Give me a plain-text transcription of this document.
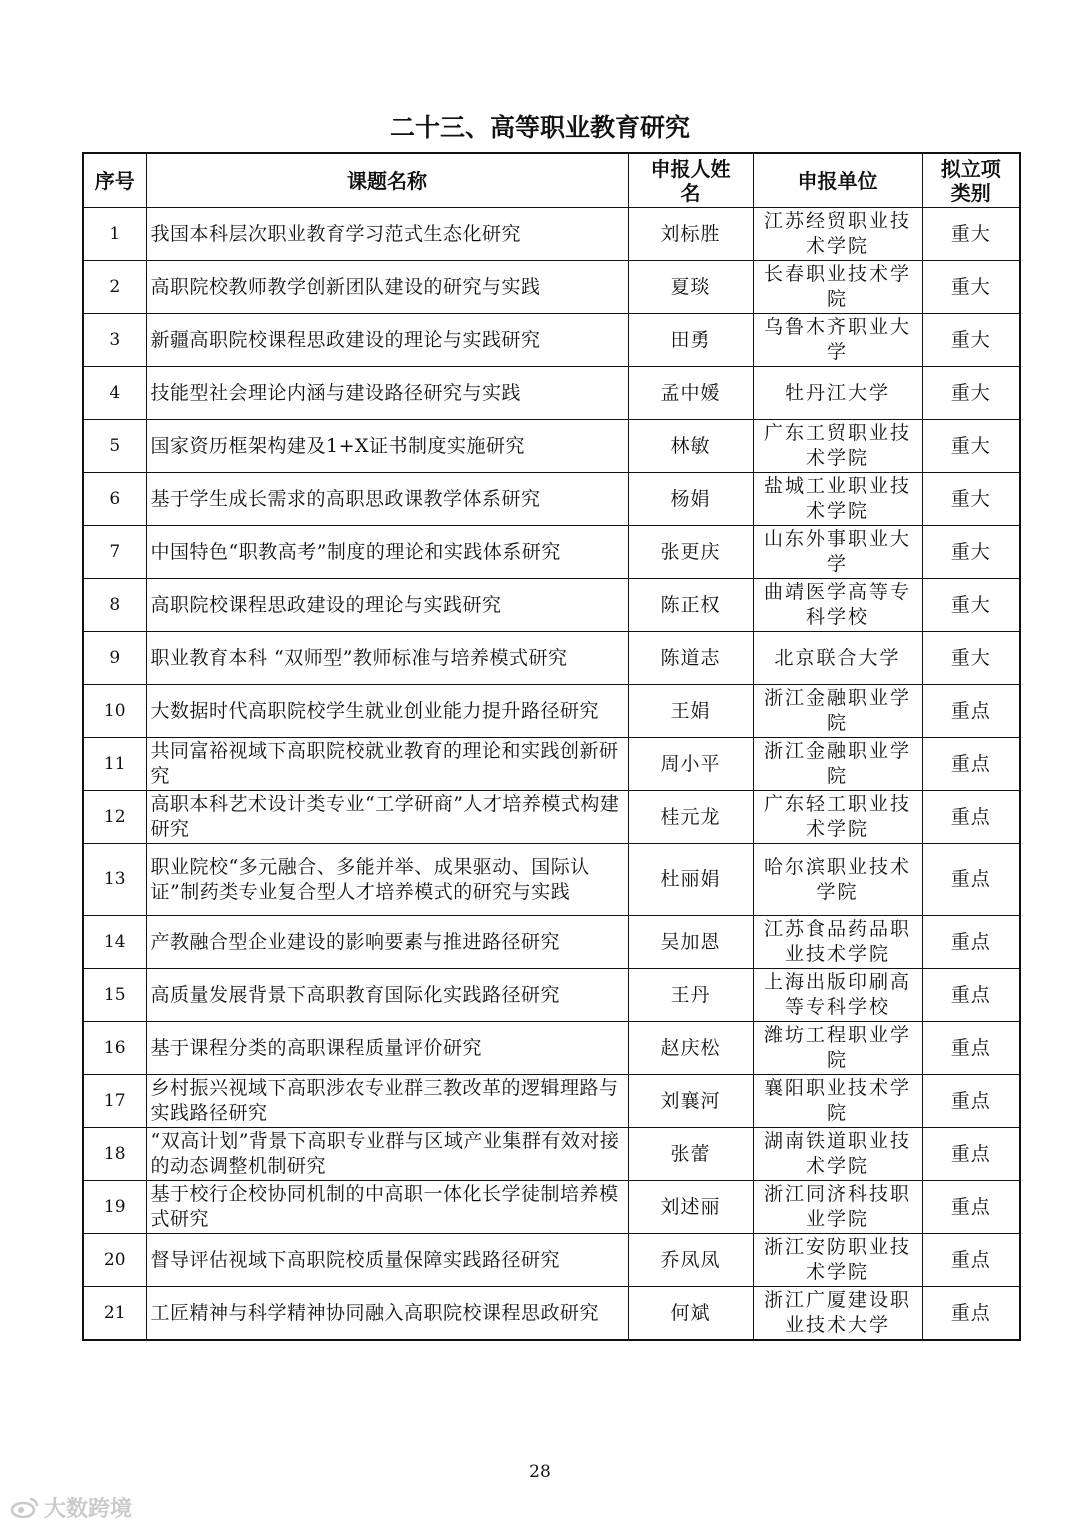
二十三、高等职业教育研究
序号	课题名称	申报人姓名	申报单位	拟立项类别
1	我国本科层次职业教育学习范式生态化研究	刘标胜	江苏经贸职业技术学院	重大
2	高职院校教师教学创新团队建设的研究与实践	夏琰	长春职业技术学院	重大
3	新疆高职院校课程思政建设的理论与实践研究	田勇	乌鲁木齐职业大学	重大
4	技能型社会理论内涵与建设路径研究与实践	孟中媛	牡丹江大学	重大
5	国家资历框架构建及1+X证书制度实施研究	林敏	广东工贸职业技术学院	重大
6	基于学生成长需求的高职思政课教学体系研究	杨娟	盐城工业职业技术学院	重大
7	中国特色“职教高考”制度的理论和实践体系研究	张更庆	山东外事职业大学	重大
8	高职院校课程思政建设的理论与实践研究	陈正权	曲靖医学高等专科学校	重大
9	职业教育本科 “双师型”教师标准与培养模式研究	陈道志	北京联合大学	重大
10	大数据时代高职院校学生就业创业能力提升路径研究	王娟	浙江金融职业学院	重点
11	共同富裕视域下高职院校就业教育的理论和实践创新研究	周小平	浙江金融职业学院	重点
12	高职本科艺术设计类专业“工学研商”人才培养模式构建研究	桂元龙	广东轻工职业技术学院	重点
13	职业院校“多元融合、多能并举、成果驱动、国际认证”制药类专业复合型人才培养模式的研究与实践	杜丽娟	哈尔滨职业技术学院	重点
14	产教融合型企业建设的影响要素与推进路径研究	吴加恩	江苏食品药品职业技术学院	重点
15	高质量发展背景下高职教育国际化实践路径研究	王丹	上海出版印刷高等专科学校	重点
16	基于课程分类的高职课程质量评价研究	赵庆松	潍坊工程职业学院	重点
17	乡村振兴视域下高职涉农专业群三教改革的逻辑理路与实践路径研究	刘襄河	襄阳职业技术学院	重点
18	“双高计划”背景下高职专业群与区域产业集群有效对接的动态调整机制研究	张蕾	湖南铁道职业技术学院	重点
19	基于校行企校协同机制的中高职一体化长学徒制培养模式研究	刘述丽	浙江同济科技职业学院	重点
20	督导评估视域下高职院校质量保障实践路径研究	乔凤凤	浙江安防职业技术学院	重点
21	工匠精神与科学精神协同融入高职院校课程思政研究	何斌	浙江广厦建设职业技术大学	重点
28
大数跨境
